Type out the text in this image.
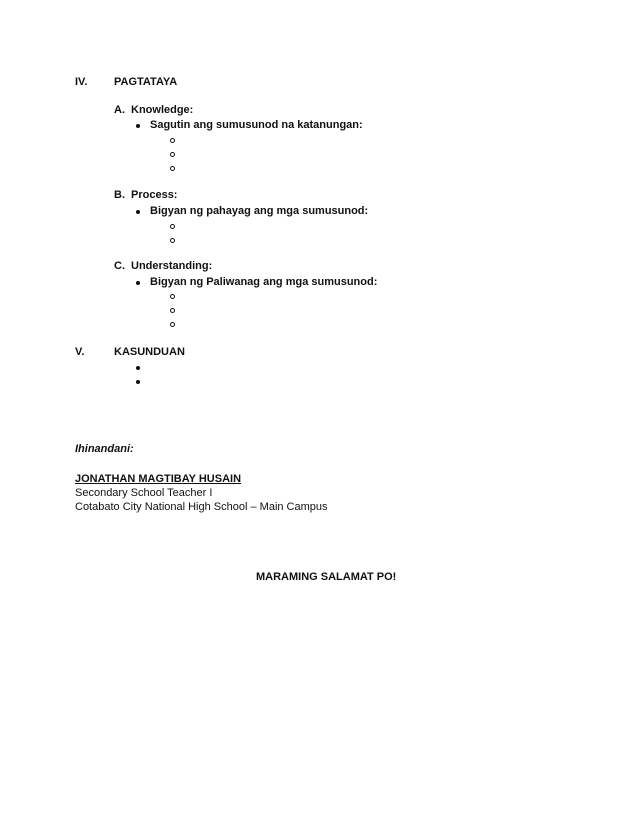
IV. PAGTATAYA
A. Knowledge:
Sagutin ang sumusunod na katanungan:
B. Process:
Bigyan ng pahayag ang mga sumusunod:
C. Understanding:
Bigyan ng Paliwanag ang mga sumusunod:
V.	KASUNDUAN
Ihinandani:
JONATHAN MAGTIBAY HUSAIN
Secondary School Teacher I
Cotabato City National High School – Main Campus
MARAMING SALAMAT PO!
